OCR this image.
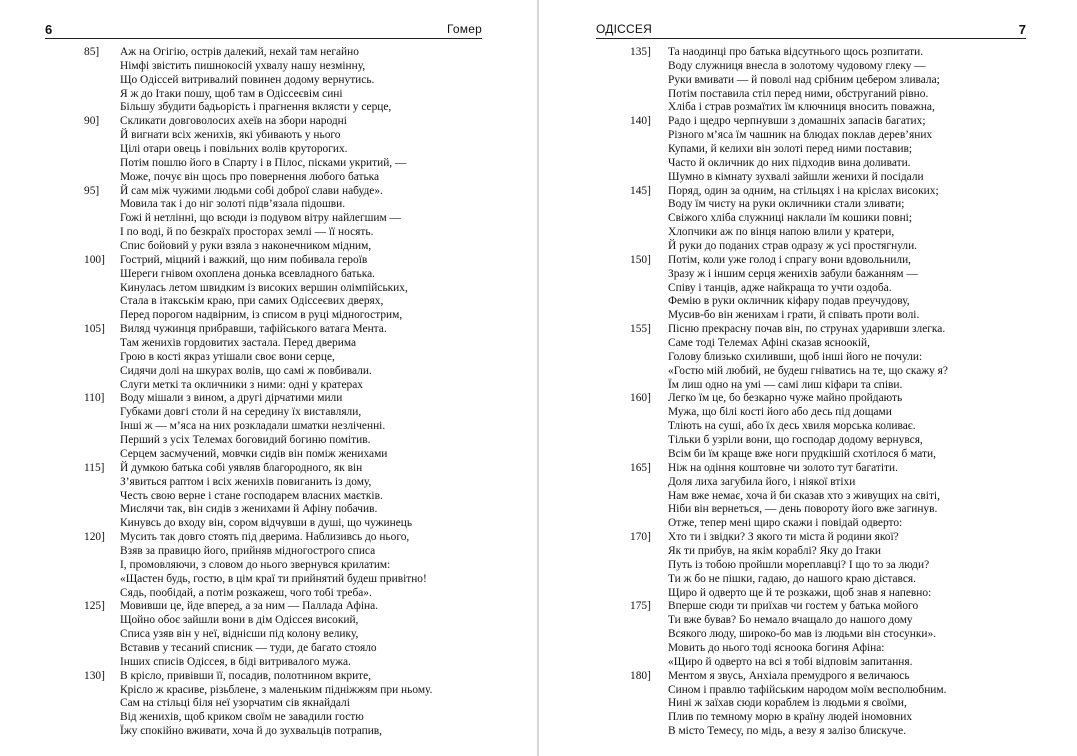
6	Гомер
85]	Аж на Огігію, острів далекий, нехай там негайно
Німфі звістить пишнокосій ухвалу нашу незмінну,
Що Одіссей витривалий повинен додому вернутись.
Я ж до Ітаки пошу, щоб там в Одіссеєвім сині
Більшу збудити бадьорість і прагнення вклясти у серце,
90]	Скликати довговолосих ахеїв на збори народні
Й вигнати всіх женихів, які убивають у нього
Цілі отари овець і повільних волів круторогих.
Потім пошлю його в Спарту і в Пілос, пісками укритий, —
Може, почує він щось про повернення любого батька
95]	Й сам між чужими людьми собі доброї слави набуде».
Мовила так і до ніг золоті підв’язала підошви.
Гожі й нетлінні, що всюди із подувом вітру найлегшим —
І по воді, й по безкраїх просторах землі — її носять.
Спис бойовий у руки взяла з наконечником мідним,
100]	Гострий, міцний і важкий, що ним побивала героїв
Шереги гнівом охоплена донька всевладного батька.
Кинулась летом швидким із високих вершин олімпійських,
Стала в ітакськім краю, при самих Одіссеєвих дверях,
Перед порогом надвірним, із списом в руці мідногострим,
105]	Виляд чужинця прибравши, тафійського ватага Мента.
Там женихів гордовитих застала. Перед дверима
Грою в кості якраз утішали своє вони серце,
Сидячи долі на шкурах волів, що самі ж повбивали.
Слуги меткі та окличники з ними: одні у кратерах
110]	Воду мішали з вином, а другі дірчатими мили
Губками довгі столи й на середину їх виставляли,
Інші ж — м’яса на них розкладали шматки незліченні.
Перший з усіх Телемах боговидий богиню помітив.
Серцем засмучений, мовчки сидів він поміж женихами
115]	Й думкою батька собі уявляв благородного, як він
З’явиться раптом і всіх женихів повиганить із дому,
Честь свою верне і стане господарем власних маєтків.
Мислячи так, він сидів з женихами й Афіну побачив.
Кинувсь до входу він, сором відчувши в душі, що чужинець
120]	Мусить так довго стоять під дверима. Наблизивсь до нього,
Взяв за правицю його, прийняв мідногострого списа
І, промовляючи, з словом до нього звернувся крилатим:
«Щастен будь, гостю, в цім краї ти прийнятий будеш привітно!
Сядь, пообідай, а потім розкажеш, чого тобі треба».
125]	Мовивши це, йде вперед, а за ним — Паллада Афіна.
Щойно обоє зайшли вони в дім Одіссея високий,
Списа узяв він у неї, віднісши під колону велику,
Вставив у тесаний списник — туди, де багато стояло
Інших списів Одіссея, в біді витривалого мужа.
130]	В крісло, привівши її, посадив, полотнином вкрите,
Крісло ж красиве, різьблене, з маленьким підніжжям при ньому.
Сам на стільці біля неї узорчатим сів якнайдалі
Від женихів, щоб криком своїм не завадили гостю
Їжу спокійно вживати, хоча й до зухвальців потрапив,
ОДІССЕЯ	7
135]	Та наодинці про батька відсутнього щось розпитати.
Воду служниця внесла в золотому чудовому глеку —
Руки вмивати — й поволі над срібним цебером зливала;
Потім поставила стіл перед ними, обструганий рівно.
Хліба і страв розмаїтих їм ключниця вносить поважна,
140]	Радо і щедро черпнувши з домашніх запасів багатих;
Різного м’яса їм чашник на блюдах поклав дерев’яних
Купами, й келихи він золоті перед ними поставив;
Часто й окличник до них підходив вина доливати.
Шумно в кімнату зухвалі зайшли женихи й посідали
145]	Поряд, один за одним, на стільцях і на кріслах високих;
Воду їм чисту на руки окличники стали зливати;
Свіжого хліба служниці наклали їм кошики повні;
Хлопчики аж по вінця напою влили у кратери,
Й руки до поданих страв одразу ж усі простягнули.
150]	Потім, коли уже голод і спрагу вони вдовольнили,
Зразу ж і іншим серця женихів забули бажанням —
Співу і танців, адже найкраща то учти оздоба.
Фемію в руки окличник кіфару подав преучудову,
Мусив-бо він женихам і грати, й співать проти волі.
155]	Пісню прекрасну почав він, по струнах ударивши злегка.
Саме тоді Телемах Афіні сказав ясноокій,
Голову близько схиливши, щоб інші його не почули:
«Гостю мій любий, не будеш гніватись на те, що скажу я?
Їм лиш одно на умі — самі лиш кіфари та співи.
160]	Легко їм це, бо безкарно чуже майно пройдають
Мужа, що білі кості його або десь під дощами
Тліють на суші, або їх десь хвиля морська коливає.
Тільки б узріли вони, що господар додому вернувся,
Всім би їм краще вже ноги прудкішій схотілося б мати,
165]	Ніж на одіння коштовне чи золото тут багатіти.
Доля лиха загубила його, і ніякої втіхи
Нам вже немає, хоча й би сказав хто з живущих на світі,
Ніби він вернеться, — день повороту його вже загинув.
Отже, тепер мені щиро скажи і повідай одверто:
170]	Хто ти і звідки? З якого ти міста й родини якої?
Як ти прибув, на якім кораблі? Яку до Ітаки
Путь із тобою пройшли мореплавці? І що то за люди?
Ти ж бо не пішки, гадаю, до нашого краю дістався.
Щиро й одверто ще й те розкажи, щоб знав я напевно:
175]	Вперше сюди ти приїхав чи гостем у батька мойого
Ти вже бував? Бо немало вчащало до нашого дому
Всякого люду, широко-бо мав із людьми він стосунки».
Мовить до нього тоді ясноока богиня Афіна:
«Щиро й одверто на всі я тобі відповім запитання.
180]	Ментом я звусь, Анхіала премудрого я величаюсь
Сином і правлю тафійським народом моїм весполюбним.
Нині ж заїхав сюди кораблем із людьми я своїми,
Плив по темному морю в країну людей іномовних
В місто Темесу, по мідь, а везу я залізо блискуче.
